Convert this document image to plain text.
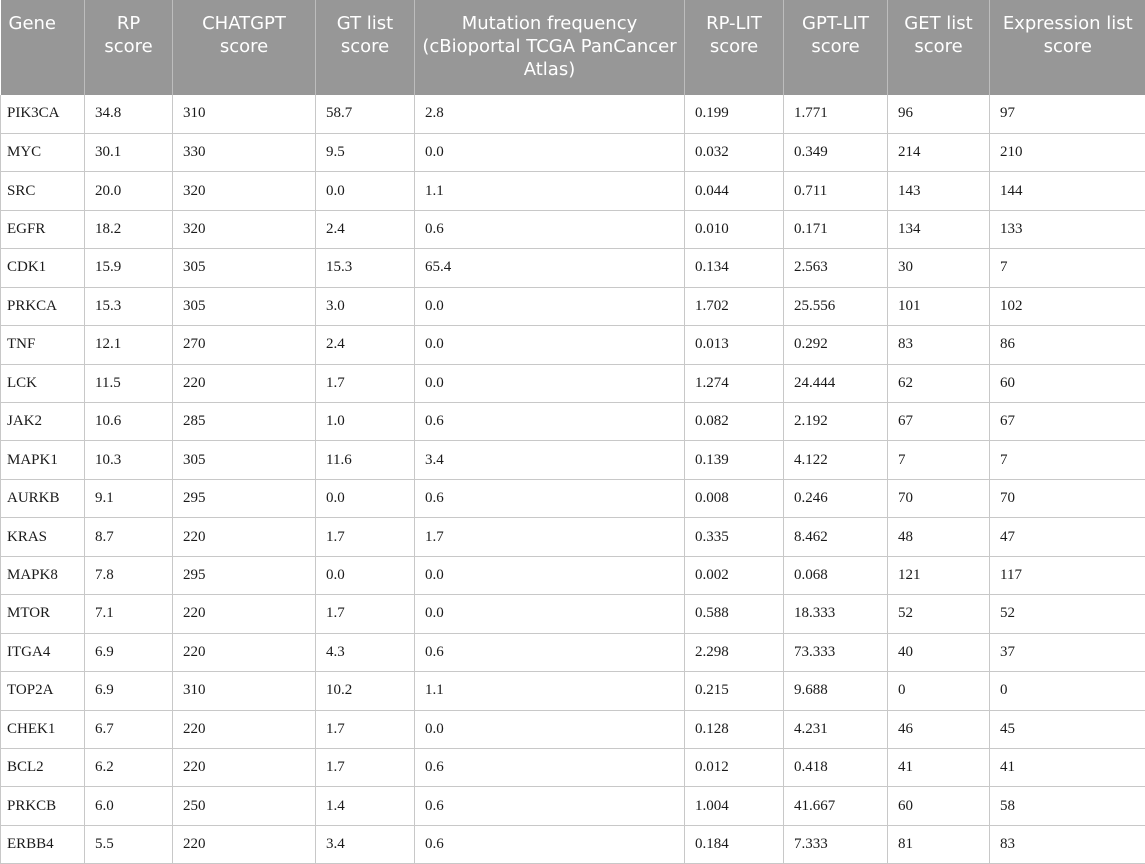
Gene	RP score	CHATGPT score	GT list score	Mutation frequency (cBioportal TCGA PanCancer Atlas)	RP-LIT score	GPT-LIT score	GET list score	Expression list score
PIK3CA	34.8	310	58.7	2.8	0.199	1.771	96	97
MYC	30.1	330	9.5	0.0	0.032	0.349	214	210
SRC	20.0	320	0.0	1.1	0.044	0.711	143	144
EGFR	18.2	320	2.4	0.6	0.010	0.171	134	133
CDK1	15.9	305	15.3	65.4	0.134	2.563	30	7
PRKCA	15.3	305	3.0	0.0	1.702	25.556	101	102
TNF	12.1	270	2.4	0.0	0.013	0.292	83	86
LCK	11.5	220	1.7	0.0	1.274	24.444	62	60
JAK2	10.6	285	1.0	0.6	0.082	2.192	67	67
MAPK1	10.3	305	11.6	3.4	0.139	4.122	7	7
AURKB	9.1	295	0.0	0.6	0.008	0.246	70	70
KRAS	8.7	220	1.7	1.7	0.335	8.462	48	47
MAPK8	7.8	295	0.0	0.0	0.002	0.068	121	117
MTOR	7.1	220	1.7	0.0	0.588	18.333	52	52
ITGA4	6.9	220	4.3	0.6	2.298	73.333	40	37
TOP2A	6.9	310	10.2	1.1	0.215	9.688	0	0
CHEK1	6.7	220	1.7	0.0	0.128	4.231	46	45
BCL2	6.2	220	1.7	0.6	0.012	0.418	41	41
PRKCB	6.0	250	1.4	0.6	1.004	41.667	60	58
ERBB4	5.5	220	3.4	0.6	0.184	7.333	81	83
